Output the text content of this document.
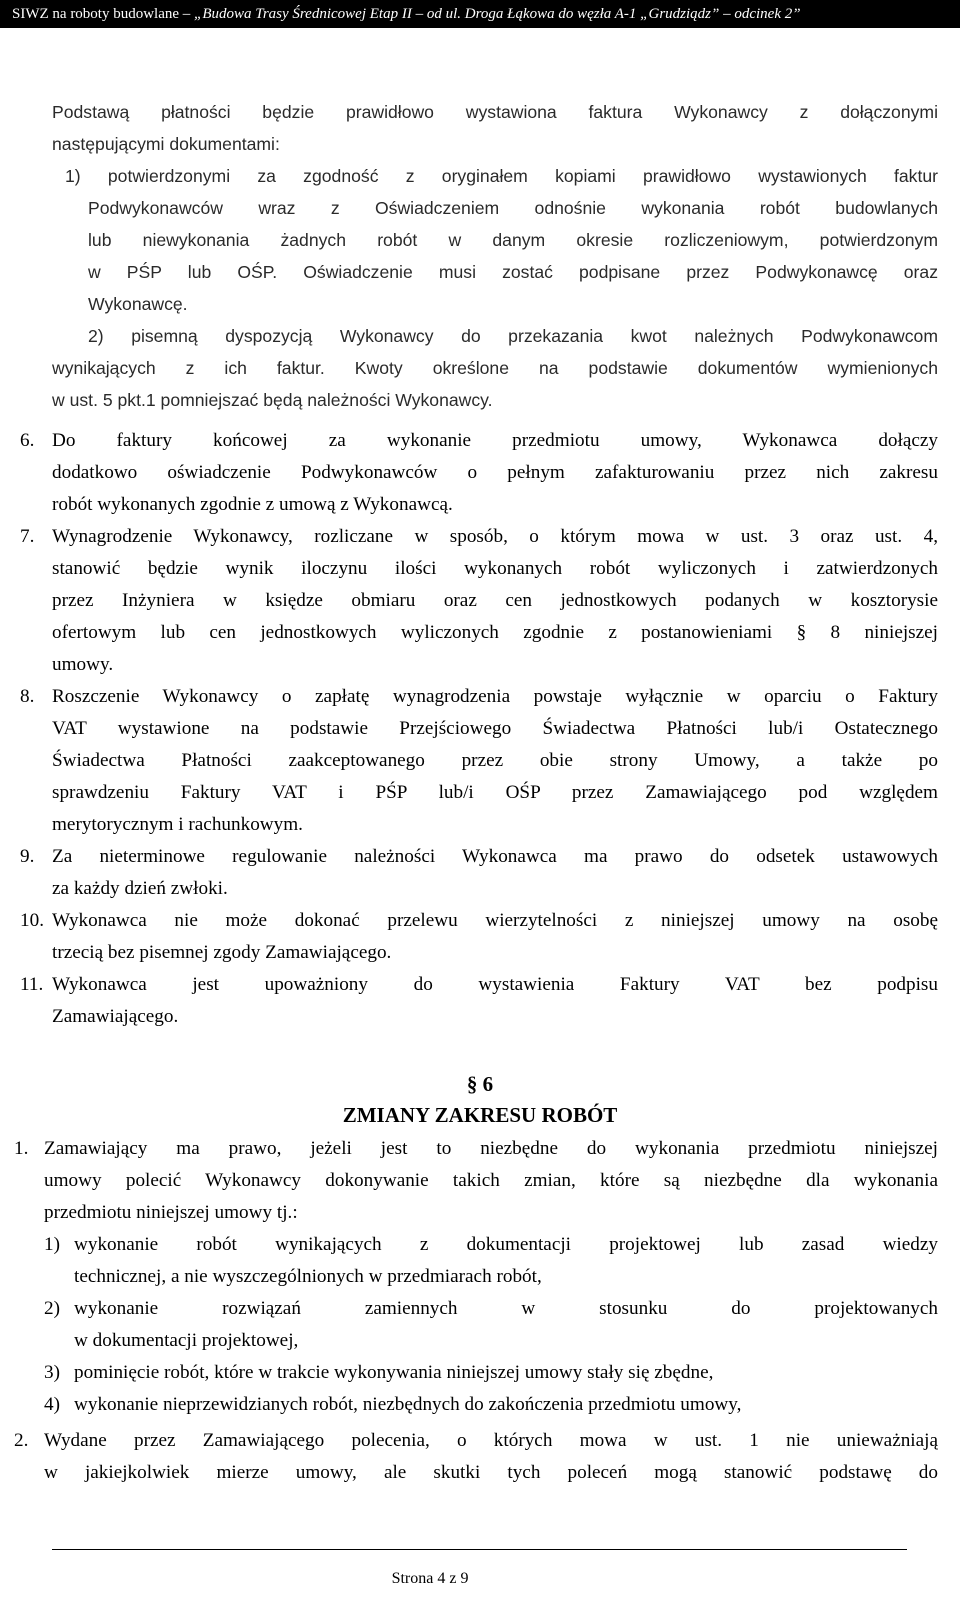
SIWZ na roboty budowlane – „Budowa Trasy Średnicowej Etap II – od ul. Droga Łąkowa do węzła A-1 „Grudziądz” – odcinek 2”
Podstawą płatności będzie prawidłowo wystawiona faktura Wykonawcy z dołączonymi
następującymi dokumentami:
1) potwierdzonymi za zgodność z oryginałem kopiami prawidłowo wystawionych faktur
Podwykonawców wraz z Oświadczeniem odnośnie wykonania robót budowlanych
lub niewykonania żadnych robót w danym okresie rozliczeniowym, potwierdzonym
w PŚP lub OŚP. Oświadczenie musi zostać podpisane przez Podwykonawcę oraz
Wykonawcę.
2) pisemną dyspozycją Wykonawcy do przekazania kwot należnych Podwykonawcom
wynikających z ich faktur. Kwoty określone na podstawie dokumentów wymienionych
w ust. 5 pkt.1 pomniejszać będą należności Wykonawcy.
6. Do faktury końcowej za wykonanie przedmiotu umowy, Wykonawca dołączy
dodatkowo oświadczenie Podwykonawców o pełnym zafakturowaniu przez nich zakresu
robót wykonanych zgodnie z umową z Wykonawcą.
7. Wynagrodzenie Wykonawcy, rozliczane w sposób, o którym mowa w ust. 3 oraz ust. 4,
stanowić będzie wynik iloczynu ilości wykonanych robót wyliczonych i zatwierdzonych
przez Inżyniera w księdze obmiaru oraz cen jednostkowych podanych w kosztorysie
ofertowym lub cen jednostkowych wyliczonych zgodnie z postanowieniami § 8 niniejszej
umowy.
8. Roszczenie Wykonawcy o zapłatę wynagrodzenia powstaje wyłącznie w oparciu o Faktury
VAT wystawione na podstawie Przejściowego Świadectwa Płatności lub/i Ostatecznego
Świadectwa Płatności zaakceptowanego przez obie strony Umowy, a także po
sprawdzeniu Faktury VAT i PŚP lub/i OŚP przez Zamawiającego pod względem
merytorycznym i rachunkowym.
9. Za nieterminowe regulowanie należności Wykonawca ma prawo do odsetek ustawowych
za każdy dzień zwłoki.
10. Wykonawca nie może dokonać przelewu wierzytelności z niniejszej umowy na osobę
trzecią bez pisemnej zgody Zamawiającego.
11. Wykonawca jest upoważniony do wystawienia Faktury VAT bez podpisu
Zamawiającego.
§ 6
ZMIANY ZAKRESU ROBÓT
1. Zamawiający ma prawo, jeżeli jest to niezbędne do wykonania przedmiotu niniejszej
umowy polecić Wykonawcy dokonywanie takich zmian, które są niezbędne dla wykonania
przedmiotu niniejszej umowy tj.:
1) wykonanie robót wynikających z dokumentacji projektowej lub zasad wiedzy
technicznej, a nie wyszczególnionych w przedmiarach robót,
2) wykonanie rozwiązań zamiennych w stosunku do projektowanych
w dokumentacji projektowej,
3) pominięcie robót, które w trakcie wykonywania niniejszej umowy stały się zbędne,
4) wykonanie nieprzewidzianych robót, niezbędnych do zakończenia przedmiotu umowy,
2. Wydane przez Zamawiającego polecenia, o których mowa w ust. 1 nie unieważniają
w jakiejkolwiek mierze umowy, ale skutki tych poleceń mogą stanowić podstawę do
Strona 4 z 9
